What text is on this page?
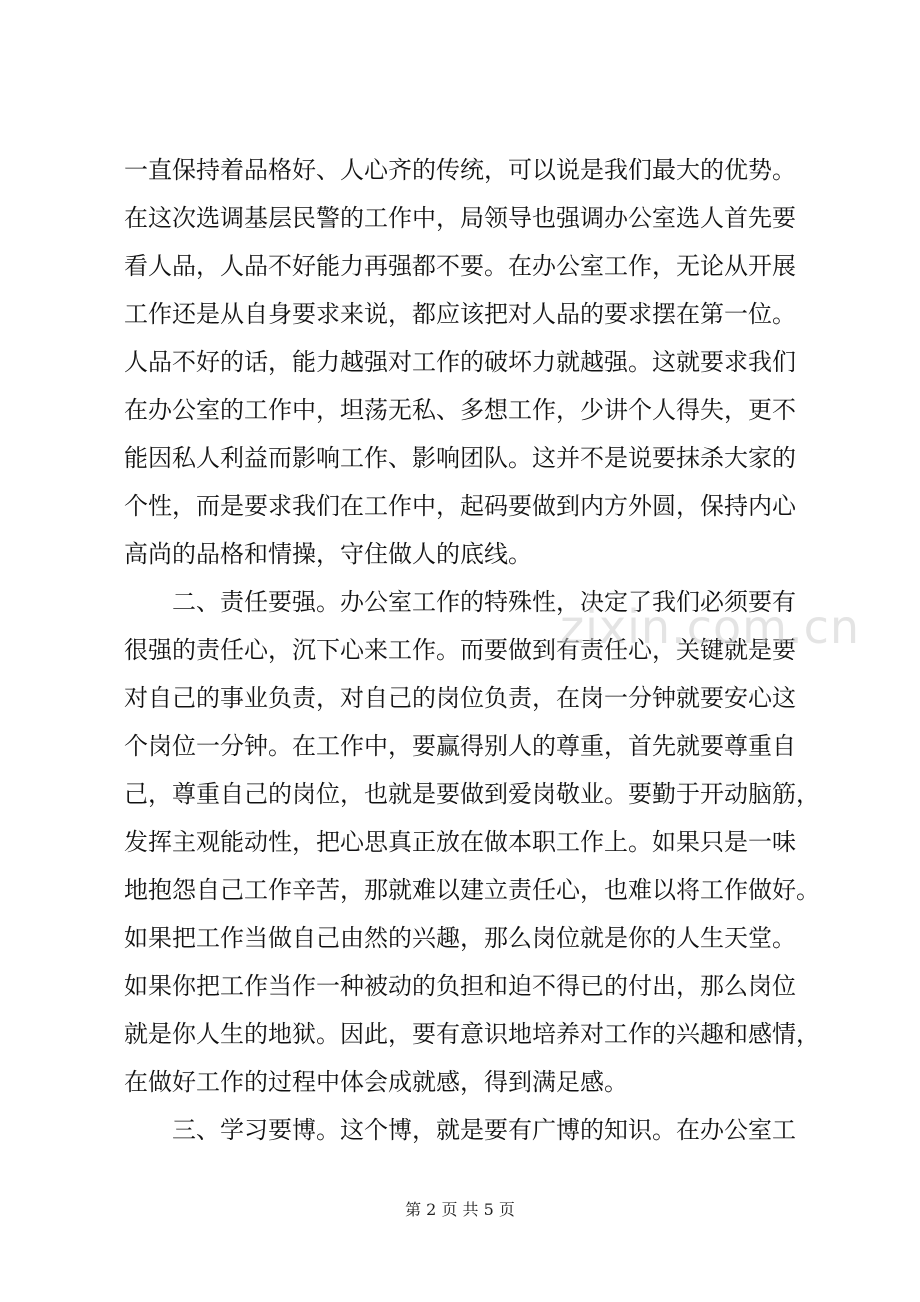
一直保持着品格好、人心齐的传统，可以说是我们最大的优势。
在这次选调基层民警的工作中，局领导也强调办公室选人首先要
看人品，人品不好能力再强都不要。在办公室工作，无论从开展
工作还是从自身要求来说，都应该把对人品的要求摆在第一位。
人品不好的话，能力越强对工作的破坏力就越强。这就要求我们
在办公室的工作中，坦荡无私、多想工作，少讲个人得失，更不
能因私人利益而影响工作、影响团队。这并不是说要抹杀大家的
个性，而是要求我们在工作中，起码要做到内方外圆，保持内心
高尚的品格和情操，守住做人的底线。
　　二、责任要强。办公室工作的特殊性，决定了我们必须要有
很强的责任心，沉下心来工作。而要做到有责任心，关键就是要
对自己的事业负责，对自己的岗位负责，在岗一分钟就要安心这
个岗位一分钟。在工作中，要赢得别人的尊重，首先就要尊重自
己，尊重自己的岗位，也就是要做到爱岗敬业。要勤于开动脑筋，
发挥主观能动性，把心思真正放在做本职工作上。如果只是一味
地抱怨自己工作辛苦，那就难以建立责任心，也难以将工作做好。
如果把工作当做自己由然的兴趣，那么岗位就是你的人生天堂。
如果你把工作当作一种被动的负担和迫不得已的付出，那么岗位
就是你人生的地狱。因此，要有意识地培养对工作的兴趣和感情，
在做好工作的过程中体会成就感，得到满足感。
　　三、学习要博。这个博，就是要有广博的知识。在办公室工
zixin.com.cn
第 2 页 共 5 页
